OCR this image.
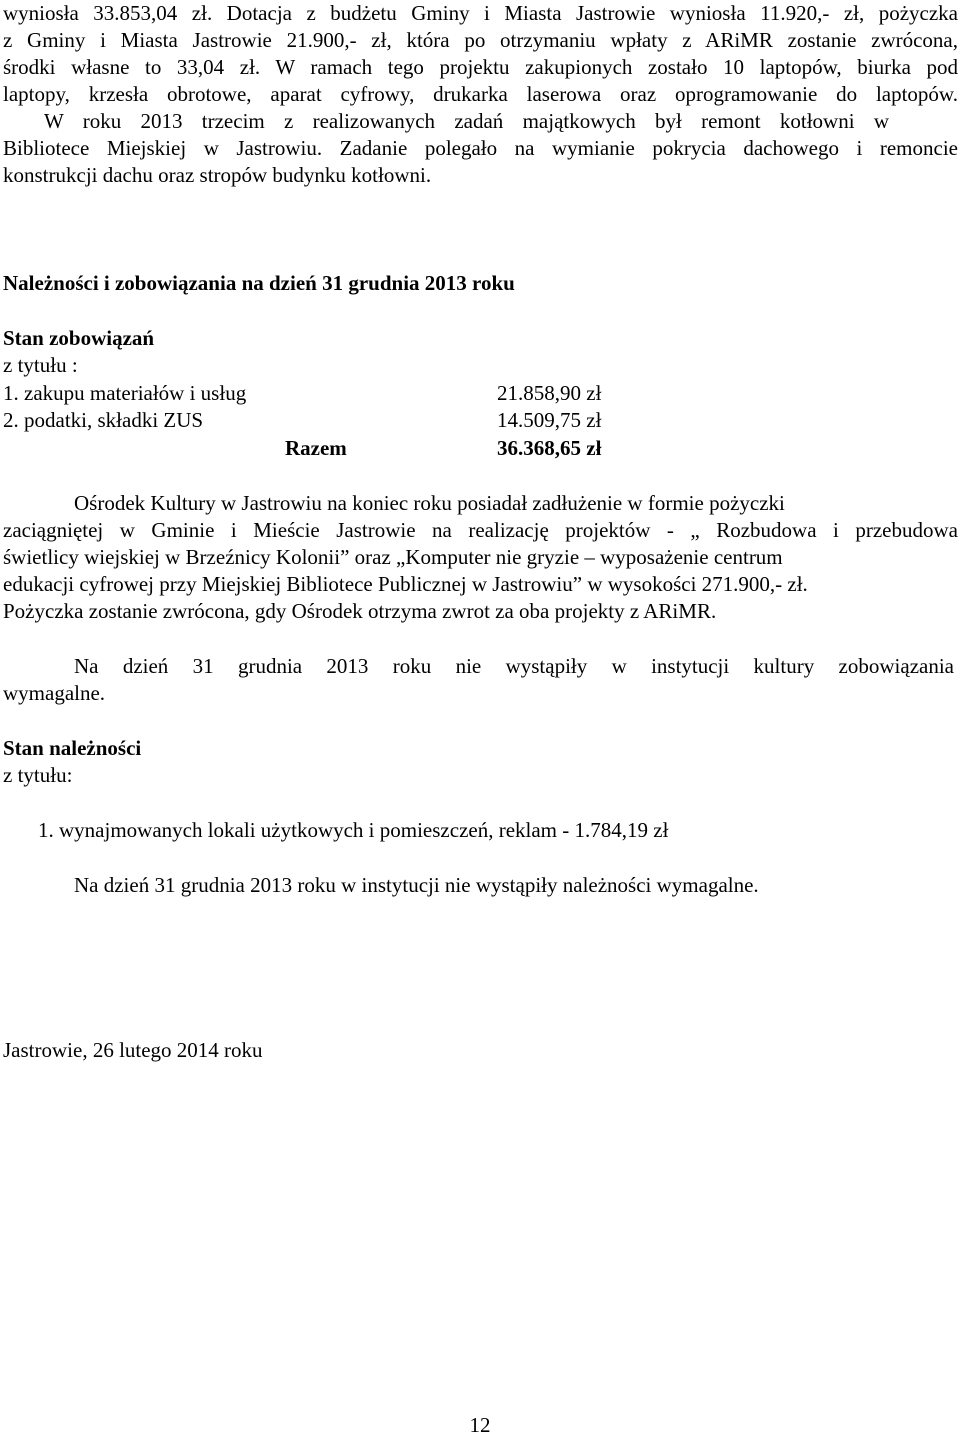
wyniosła 33.853,04 zł. Dotacja z budżetu Gminy i Miasta Jastrowie wyniosła 11.920,- zł, pożyczka
z Gminy i Miasta Jastrowie 21.900,- zł, która po otrzymaniu wpłaty z ARiMR zostanie zwrócona,
środki własne to 33,04 zł. W ramach tego projektu zakupionych zostało 10 laptopów, biurka pod
laptopy, krzesła obrotowe, aparat cyfrowy, drukarka laserowa oraz oprogramowanie do laptopów.
W roku 2013 trzecim z realizowanych zadań majątkowych był remont kotłowni w
Bibliotece Miejskiej w Jastrowiu. Zadanie polegało na wymianie pokrycia dachowego i remoncie
konstrukcji dachu oraz stropów budynku kotłowni.
Należności i zobowiązania na dzień 31 grudnia 2013 roku
Stan zobowiązań
z tytułu :
1. zakupu materiałów i usług	21.858,90 zł
2. podatki, składki ZUS	14.509,75 zł
Razem	36.368,65 zł
Ośrodek Kultury w Jastrowiu na koniec roku posiadał zadłużenie w formie pożyczki
zaciągniętej w Gminie i Mieście Jastrowie na realizację projektów - „ Rozbudowa i przebudowa
świetlicy wiejskiej w Brzeźnicy Kolonii” oraz „Komputer nie gryzie – wyposażenie centrum
edukacji cyfrowej przy Miejskiej Bibliotece Publicznej w Jastrowiu” w wysokości 271.900,- zł.
Pożyczka zostanie zwrócona, gdy Ośrodek otrzyma zwrot za oba projekty z ARiMR.
Na dzień 31 grudnia 2013 roku nie wystąpiły w instytucji kultury zobowiązania
wymagalne.
Stan należności
z tytułu:
1. wynajmowanych lokali użytkowych i pomieszczeń, reklam - 1.784,19 zł
Na dzień 31 grudnia 2013 roku w instytucji nie wystąpiły należności wymagalne.
Jastrowie, 26 lutego 2014 roku
12
